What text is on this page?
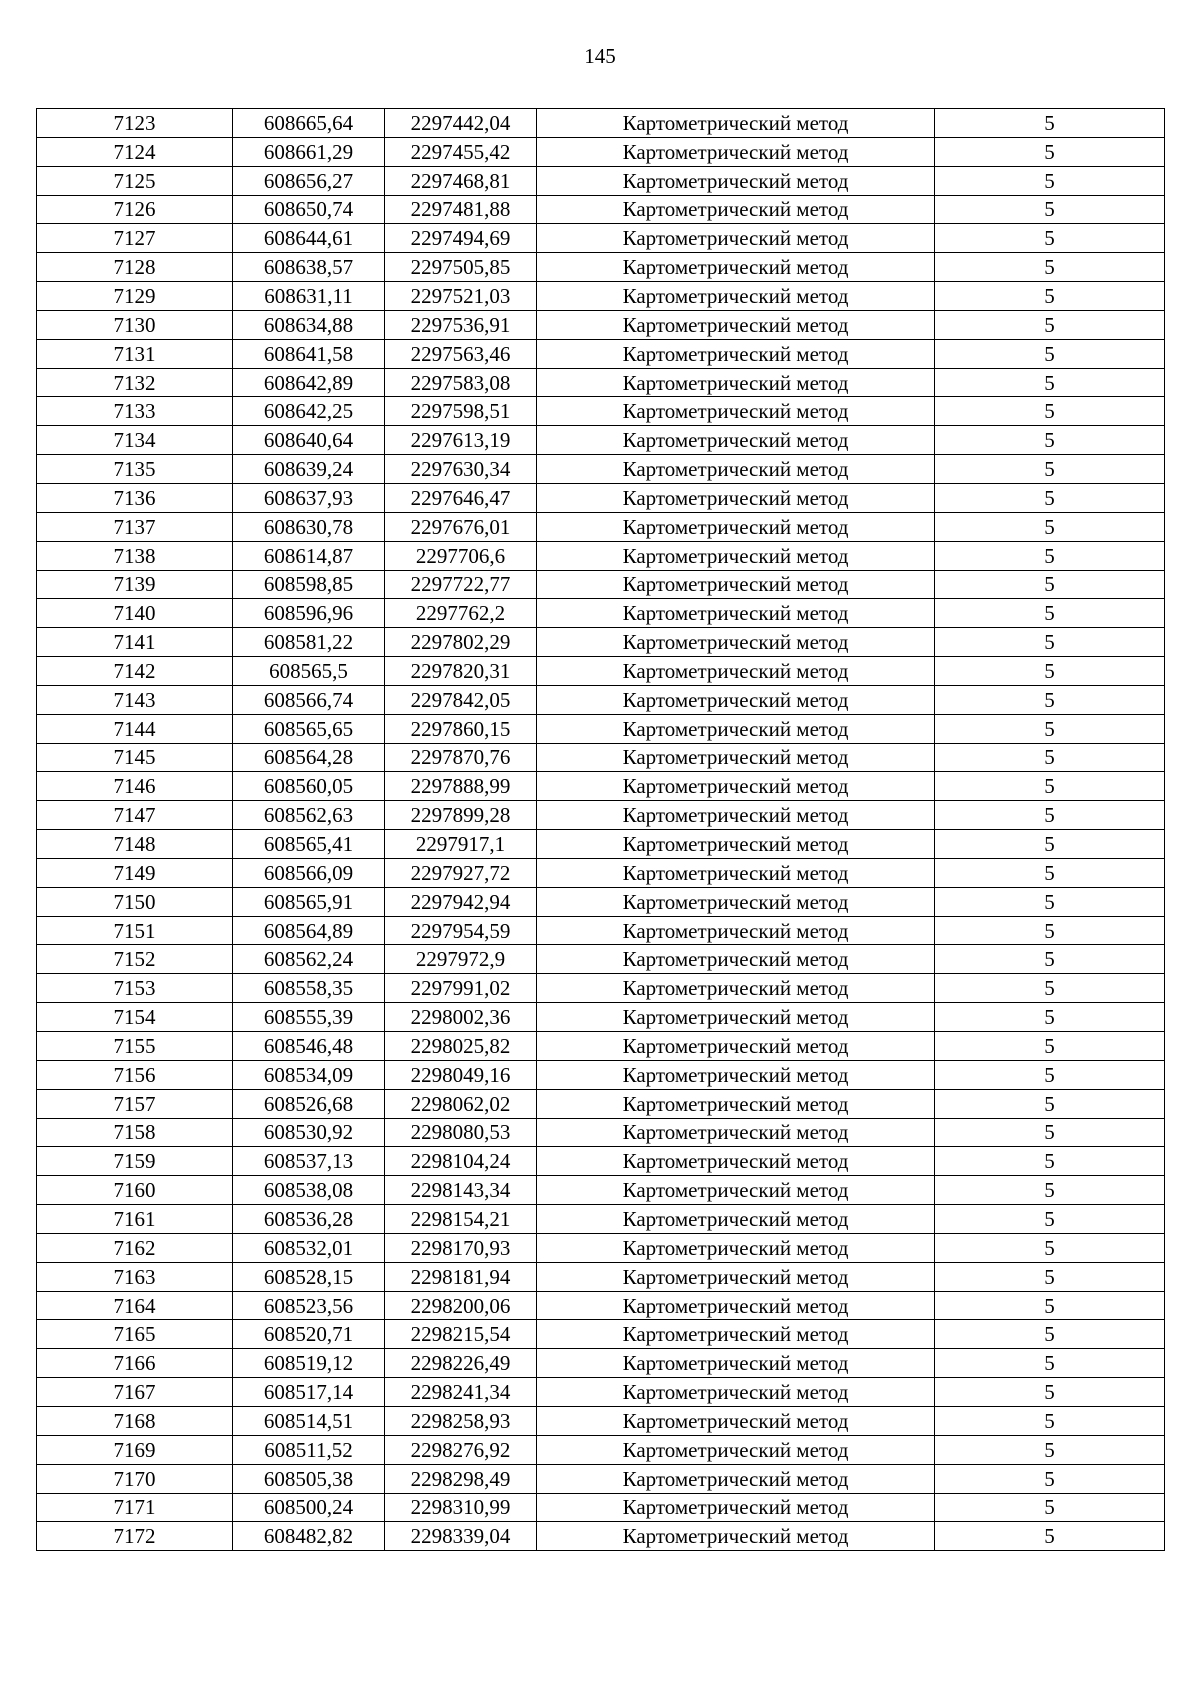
145
7123	608665,64	2297442,04	Картометрический метод	5
7124	608661,29	2297455,42	Картометрический метод	5
7125	608656,27	2297468,81	Картометрический метод	5
7126	608650,74	2297481,88	Картометрический метод	5
7127	608644,61	2297494,69	Картометрический метод	5
7128	608638,57	2297505,85	Картометрический метод	5
7129	608631,11	2297521,03	Картометрический метод	5
7130	608634,88	2297536,91	Картометрический метод	5
7131	608641,58	2297563,46	Картометрический метод	5
7132	608642,89	2297583,08	Картометрический метод	5
7133	608642,25	2297598,51	Картометрический метод	5
7134	608640,64	2297613,19	Картометрический метод	5
7135	608639,24	2297630,34	Картометрический метод	5
7136	608637,93	2297646,47	Картометрический метод	5
7137	608630,78	2297676,01	Картометрический метод	5
7138	608614,87	2297706,6	Картометрический метод	5
7139	608598,85	2297722,77	Картометрический метод	5
7140	608596,96	2297762,2	Картометрический метод	5
7141	608581,22	2297802,29	Картометрический метод	5
7142	608565,5	2297820,31	Картометрический метод	5
7143	608566,74	2297842,05	Картометрический метод	5
7144	608565,65	2297860,15	Картометрический метод	5
7145	608564,28	2297870,76	Картометрический метод	5
7146	608560,05	2297888,99	Картометрический метод	5
7147	608562,63	2297899,28	Картометрический метод	5
7148	608565,41	2297917,1	Картометрический метод	5
7149	608566,09	2297927,72	Картометрический метод	5
7150	608565,91	2297942,94	Картометрический метод	5
7151	608564,89	2297954,59	Картометрический метод	5
7152	608562,24	2297972,9	Картометрический метод	5
7153	608558,35	2297991,02	Картометрический метод	5
7154	608555,39	2298002,36	Картометрический метод	5
7155	608546,48	2298025,82	Картометрический метод	5
7156	608534,09	2298049,16	Картометрический метод	5
7157	608526,68	2298062,02	Картометрический метод	5
7158	608530,92	2298080,53	Картометрический метод	5
7159	608537,13	2298104,24	Картометрический метод	5
7160	608538,08	2298143,34	Картометрический метод	5
7161	608536,28	2298154,21	Картометрический метод	5
7162	608532,01	2298170,93	Картометрический метод	5
7163	608528,15	2298181,94	Картометрический метод	5
7164	608523,56	2298200,06	Картометрический метод	5
7165	608520,71	2298215,54	Картометрический метод	5
7166	608519,12	2298226,49	Картометрический метод	5
7167	608517,14	2298241,34	Картометрический метод	5
7168	608514,51	2298258,93	Картометрический метод	5
7169	608511,52	2298276,92	Картометрический метод	5
7170	608505,38	2298298,49	Картометрический метод	5
7171	608500,24	2298310,99	Картометрический метод	5
7172	608482,82	2298339,04	Картометрический метод	5
